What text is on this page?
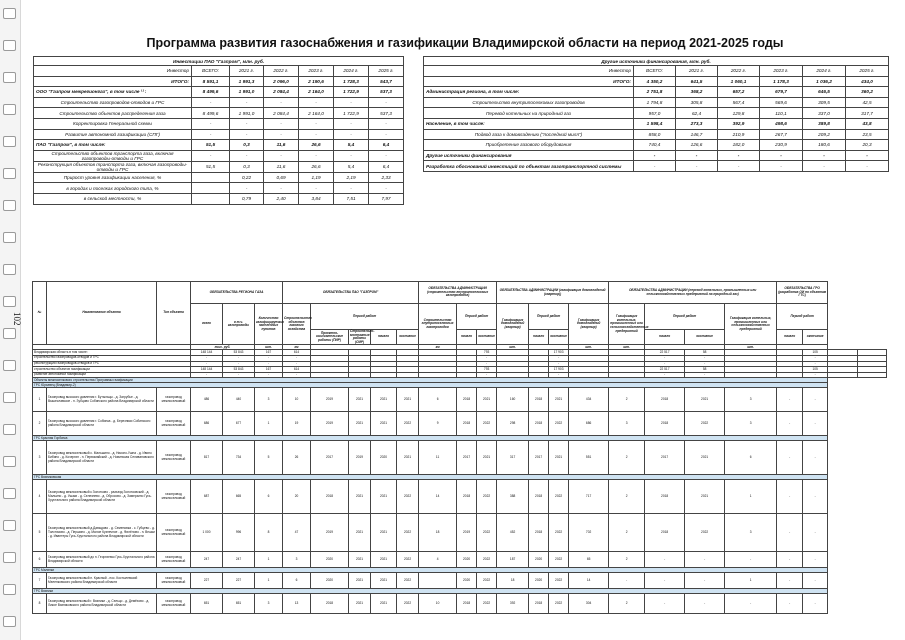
102
Программа развития газоснабжения и газификации Владимирской области на период 2021-2025 годы
Инвестиции ПАО "Газпром", млн. руб.						
Инвестор	ВСЕГО:	2021 г.	2022 г.	2023 г.	2024 г.	2025 г.
ИТОГО:	8 591,1	1 991,3	2 096,0	2 190,6	1 728,3	543,7
ООО "Газпром межрегионгаз", в том числе ¹⁾ :	8 499,6	1 991,0	2 084,4	2 164,0	1 722,9	537,3
Строительство газопроводов-отводов и ГРС	-	-	-	-	-	-
Строительство объектов распределения газа	8 499,6	1 991,0	2 084,4	2 164,0	1 722,9	537,3
Корректировка Генеральной схемы	-	-	-	-	-	-
Развитие автономной газификации (СПГ)	-	-	-	-	-	-
ПАО "Газпром", в том числе:	51,5	0,3	11,6	26,6	5,4	6,4
Строительство объектов транспорта газа, включая газопроводы-отводы и ГРС	-	-	-	-	-	-
Реконструкция объектов транспорта газа, включая газопроводы-отводы и ГРС	51,5	0,3	11,6	26,6	5,4	6,4
Прирост уровня газификации населения, %		0,22	0,69	1,19	2,19	2,33
в городах и поселках городского типа, %		-	-	-	-	-
в сельской местности, %		0,79	2,40	3,84	7,51	7,97
Другие источники финансирования, млн. руб.						
Инвестор	ВСЕГО:	2021 г.	2022 г.	2023 г.	2024 г.	2025 г.
ИТОГО:	4 350,2	641,5	1 060,1	1 178,3	1 036,2	434,0
Администрация региона, в том числе:	2 751,8	368,2	657,2	679,7	646,5	360,2
Строительство внутрипоселковых газопроводов	1 794,8	305,8	567,4	569,6	309,5	42,5
Перевод котельных на природный газ	957,0	62,4	129,8	110,1	337,0	317,7
Население, в том числе:	1 598,4	273,3	392,9	498,6	389,8	43,8
Подвод газа к домовладению ("последний милл")	858,0	146,7	210,9	267,7	209,2	23,5
Приобретение газового оборудования	740,4	126,6	182,0	230,9	180,6	20,3
Другие источники финансирования	-	-	-	-	-	-
Разработка обоснований инвестиций по объектам газотранспортной системы	-	-	-	-	-	-
№	Наименование объекта	Тип объекта	ОБЯЗАТЕЛЬСТВА РЕГИОНА ГАЗА			ОБЯЗАТЕЛЬСТВА ПАО "ГАЗПРОМ"					ОБЯЗАТЕЛЬСТВА АДМИНИСТРАЦИИ (строительство внутрипоселковых газопроводов)			ОБЯЗАТЕЛЬСТВА АДМИНИСТРАЦИИ (газификация домовладений (квартир))				ОБЯЗАТЕЛЬСТВА АДМИНИСТРАЦИИ (перевод котельных, промышленных или сельскохозяйственных предприятий на природный газ)				ОБЯЗАТЕЛЬСТВА ГРО (разработка ОИ по объектам ГТС)			
			всего	в т.ч. газопроводы	Количество газифицируемых населенных пунктов	Строительство объектов газового хозяйства	Период работ				Строительство внутрипоселковых газопроводов	Период работ		Газификация домовладений (квартир)	Период работ		Газификация домовладений (квартир)	Газификация котельных, промышленных или сельскохозяйственных предприятий	Период работ		Газификация котельных, промышленных или сельскохозяйственных предприятий	Период работ			
							Проектно-изыскательские работы (ПИР)	Строительно-монтажные работы (СМР)	начало	окончание		начало	окончание		начало	окончание			начало	окончание		начало	окончание		
			тыс. руб.		шт.	км					км			шт.			шт.	шт.			шт.				
Владимирская область в том числе:			148 144	53 843	167	614							793			17 903			22 517	58			105		
строительство газопроводов-отводов и ГРС			-	-	-	-							-			-			-	-			-		
реконструкция газопроводов-отводов и ГРС			-	-	-	-							-			-			-	-			-		
строительство объектов газификации			148 144	53 843	167	614							793			17 903			22 517	58			105		
развитие автономной газификации			-	-	-	-							-			-			-	-			-		
Объекты межпоселкового строительства Программы газификации																									
ГРС Юрьевец (Владимир-2)																									
1	Газопровод высокого давления г. Бутыльцы - д. Загрубье - д. Вышеславское - п. Зубцово Собинского района Владимирской области	газопровод межпоселковый	486	440	3	10	2019	2021	2021	2021	6	2018	2021	160	2018	2021	434	2	2018	2021	3	-	-		
2	Газопровод высокого давления г. Собинка - д. Березники Собинского района Владимирской области	газопровод межпоселковый	686	677	1	19	2019	2021	2021	2022	9	2018	2022	298	2018	2022	686	3	2018	2022	3	-	-		
ГРС Красная Горбатка																									
3	Газопровод межпоселковый с. Мальшино - д. Николо-Ушна - д. Ивино Бибино - д. Кочергин - п. Первомайский - д. Новинская Селивановского района Владимирской области	газопровод межпоселковый	817	734	5	26	2017	2019	2020	2021	11	2017	2021	317	2017	2021	551	2	2017	2021	6	-	-		
ГРС Вязниковская																									
4	Газопровод межпоселковый к Золотково - разъезд Золотковский - д. Мальино - д. Ушаки - д. Селезнево - д. Обросово - д. Замерзино Гусь-Хрустального района Владимирской области	газопровод межпоселковый	687	665	6	20	2018	2021	2021	2022	14	2018	2022	388	2018	2022	717	2	2018	2021	1	-	-		
5	Газопровод межпоселковый д.Давыдово - д. Семеновка - с. Губцево - д. Толстиково - д. Першино - д. Малое Кузнечное - д. Филёлово - п. Вешки - д. Ивантеры Гусь-Хрустального района Владимирской области	газопровод межпоселковый	1 000	996	8	47	2019	2021	2021	2022	18	2019	2022	452	2018	2022	702	2	2018	2022	3	-	-		
6	Газопровод межпоселковый до п. Георгиевск Гусь-Хрустального района Владимирской области	газопровод межпоселковый	247	247	1	3	2020	2021	2021	2022	4	2020	2022	187	2020	2022	65	2	-	-	-	-	-		
ГРС Малинки																									
7	Газопровод межпоселковый п. Красный - пос. Костылевский Меленковского района Владимирской области	газопровод межпоселковый	227	227	1	6	2020	2021	2021	2022		2020	2022	18	2020	2022	14	-	-	-	1	-	-		
ГРС Вязники																									
8	Газопровод межпоселковый г. Вязники - д. Сельцо - д. Демёхово - д. Ликое Вязниковского района Владимирской области	газопровод межпоселковый	651	651	3	13	2018	2021	2021	2022	10	2018	2022	392	2018	2022	304	2	-	-	-	-	-		
